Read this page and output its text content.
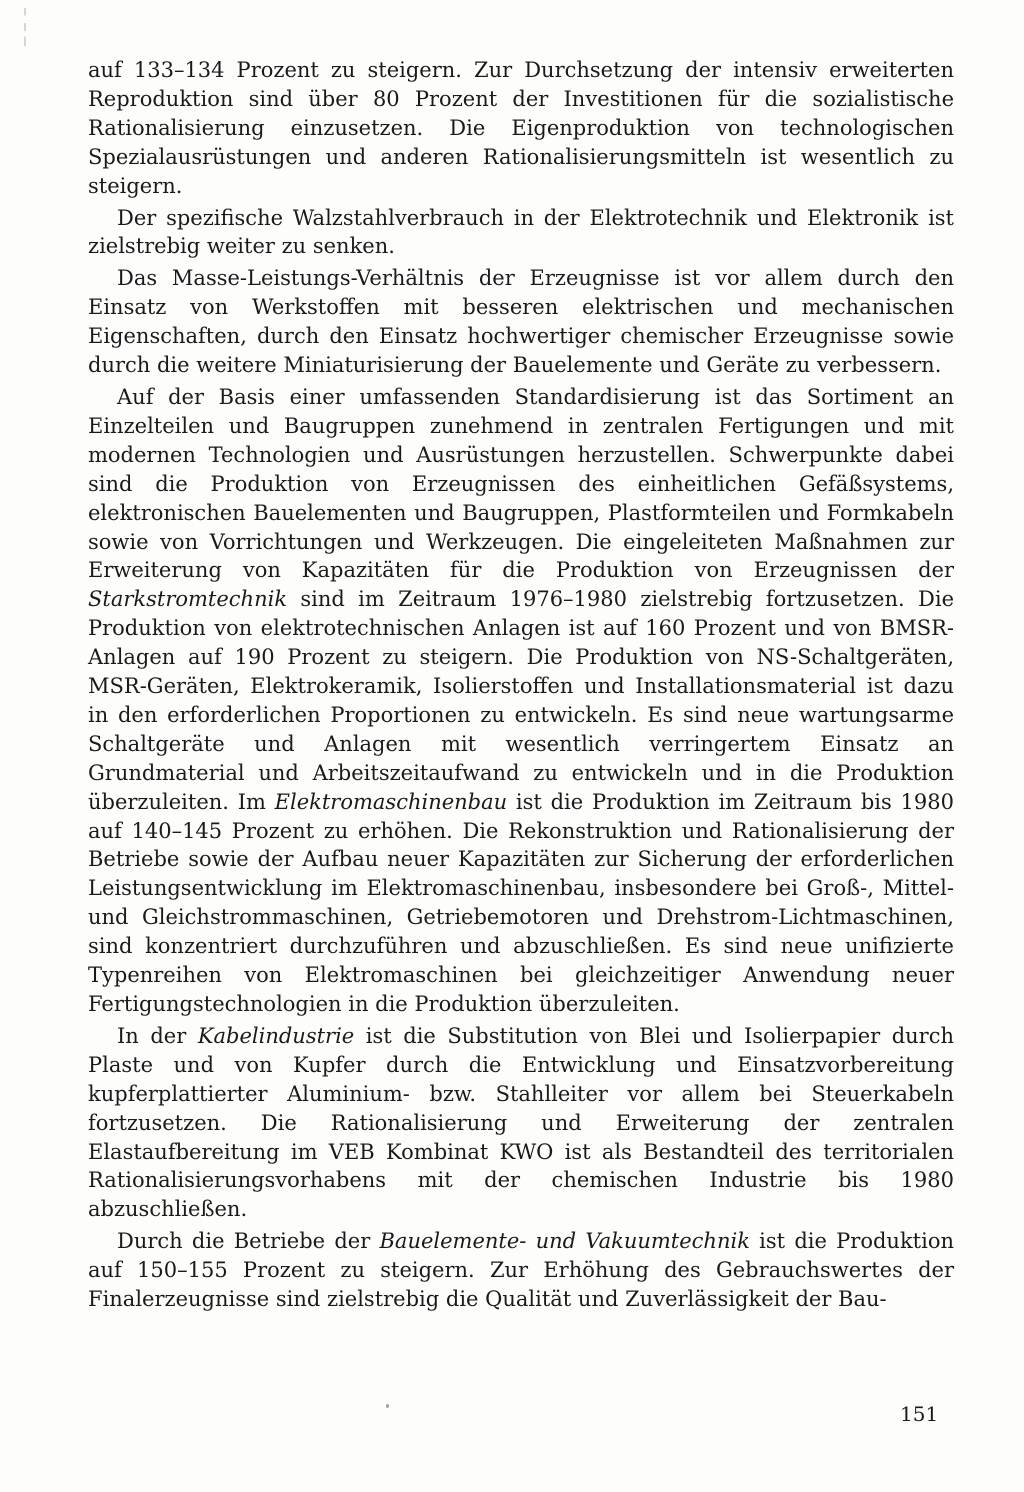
auf 133–134 Prozent zu steigern. Zur Durchsetzung der intensiv erweiterten Reproduktion sind über 80 Prozent der Investitionen für die sozialistische Rationalisierung einzusetzen. Die Eigenproduktion von technologischen Spezialausrüstungen und anderen Rationalisierungsmitteln ist wesentlich zu steigern.

Der spezifische Walzstahlverbrauch in der Elektrotechnik und Elektronik ist zielstrebig weiter zu senken.

Das Masse-Leistungs-Verhältnis der Erzeugnisse ist vor allem durch den Einsatz von Werkstoffen mit besseren elektrischen und mechanischen Eigenschaften, durch den Einsatz hochwertiger chemischer Erzeugnisse sowie durch die weitere Miniaturisierung der Bauelemente und Geräte zu verbessern.

Auf der Basis einer umfassenden Standardisierung ist das Sortiment an Einzelteilen und Baugruppen zunehmend in zentralen Fertigungen und mit modernen Technologien und Ausrüstungen herzustellen. Schwerpunkte dabei sind die Produktion von Erzeugnissen des einheitlichen Gefäßsystems, elektronischen Bauelementen und Baugruppen, Plastformteilen und Formkabeln sowie von Vorrichtungen und Werkzeugen. Die eingeleiteten Maßnahmen zur Erweiterung von Kapazitäten für die Produktion von Erzeugnissen der Starkstromtechnik sind im Zeitraum 1976–1980 zielstrebig fortzusetzen. Die Produktion von elektrotechnischen Anlagen ist auf 160 Prozent und von BMSR-Anlagen auf 190 Prozent zu steigern. Die Produktion von NS-Schaltgeräten, MSR-Geräten, Elektrokeramik, Isolierstoffen und Installationsmaterial ist dazu in den erforderlichen Proportionen zu entwickeln. Es sind neue wartungsarme Schaltgeräte und Anlagen mit wesentlich verringertem Einsatz an Grundmaterial und Arbeitszeitaufwand zu entwickeln und in die Produktion überzuleiten. Im Elektromaschinenbau ist die Produktion im Zeitraum bis 1980 auf 140–145 Prozent zu erhöhen. Die Rekonstruktion und Rationalisierung der Betriebe sowie der Aufbau neuer Kapazitäten zur Sicherung der erforderlichen Leistungsentwicklung im Elektromaschinenbau, insbesondere bei Groß-, Mittel- und Gleichstrommaschinen, Getriebemotoren und Drehstrom-Lichtmaschinen, sind konzentriert durchzuführen und abzuschließen. Es sind neue unifizierte Typenreihen von Elektromaschinen bei gleichzeitiger Anwendung neuer Fertigungstechnologien in die Produktion überzuleiten.

In der Kabelindustrie ist die Substitution von Blei und Isolierpapier durch Plaste und von Kupfer durch die Entwicklung und Einsatzvorbereitung kupferplattierter Aluminium- bzw. Stahlleiter vor allem bei Steuerkabeln fortzusetzen. Die Rationalisierung und Erweiterung der zentralen Elastaufbereitung im VEB Kombinat KWO ist als Bestandteil des territorialen Rationalisierungsvorhabens mit der chemischen Industrie bis 1980 abzuschließen.

Durch die Betriebe der Bauelemente- und Vakuumtechnik ist die Produktion auf 150–155 Prozent zu steigern. Zur Erhöhung des Gebrauchswertes der Finalerzeugnisse sind zielstrebig die Qualität und Zuverlässigkeit der Bau-

151
